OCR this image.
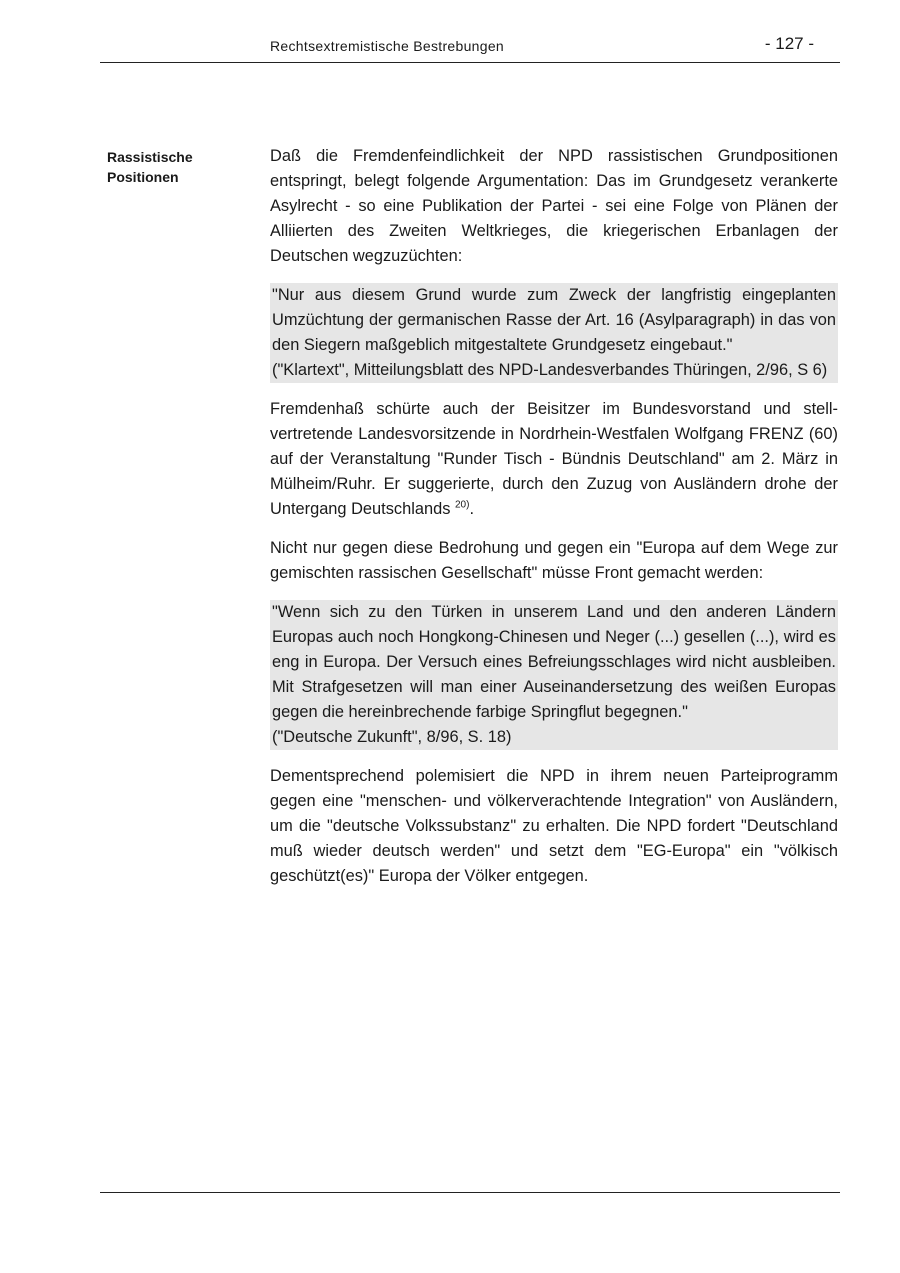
Rechtsextremistische Bestrebungen	- 127 -
Rassistische
Positionen

Daß die Fremdenfeindlichkeit der NPD rassistischen Grundpositionen entspringt, belegt folgende Argumentation: Das im Grundgesetz verankerte Asylrecht - so eine Publikation der Partei - sei eine Folge von Plänen der Alliierten des Zweiten Weltkrieges, die kriegerischen Erbanlagen der Deutschen wegzuzüchten:

"Nur aus diesem Grund wurde zum Zweck der langfristig eingeplanten Umzüchtung der germanischen Rasse der Art. 16 (Asylparagraph) in das von den Siegern maßgeblich mitgestaltete Grundgesetz eingebaut."
("Klartext", Mitteilungsblatt des NPD-Landesverbandes Thüringen, 2/96, S 6)

Fremdenhaß schürte auch der Beisitzer im Bundesvorstand und stellvertretende Landesvorsitzende in Nordrhein-Westfalen Wolfgang FRENZ (60) auf der Veranstaltung "Runder Tisch - Bündnis Deutschland" am 2. März in Mülheim/Ruhr. Er suggerierte, durch den Zuzug von Ausländern drohe der Untergang Deutschlands $^{20)}$.

Nicht nur gegen diese Bedrohung und gegen ein "Europa auf dem Wege zur gemischten rassischen Gesellschaft" müsse Front gemacht werden:

"Wenn sich zu den Türken in unserem Land und den anderen Ländern Europas auch noch Hongkong-Chinesen und Neger (...) gesellen (...), wird es eng in Europa. Der Versuch eines Befreiungsschlages wird nicht ausbleiben. Mit Strafgesetzen will man einer Auseinandersetzung des weißen Europas gegen die hereinbrechende farbige Springflut begegnen."
("Deutsche Zukunft", 8/96, S. 18)

Dementsprechend polemisiert die NPD in ihrem neuen Parteiprogramm gegen eine "menschen- und völkerverachtende Integration" von Ausländern, um die "deutsche Volkssubstanz" zu erhalten. Die NPD fordert "Deutschland muß wieder deutsch werden" und setzt dem "EG-Europa" ein "völkisch geschützt(es)" Europa der Völker entgegen.
